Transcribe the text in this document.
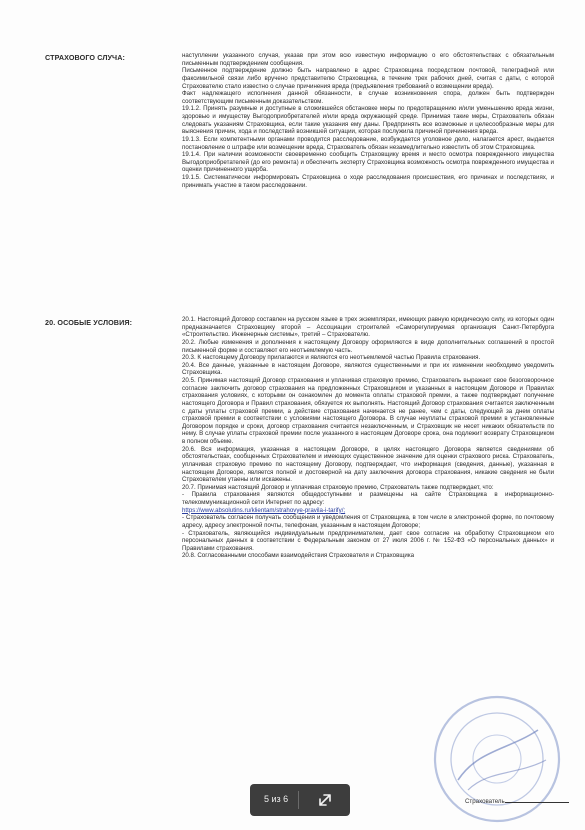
СТРАХОВОГО СЛУЧА:	наступлении указанного случая, указав при этом всю известную информацию о его обстоятельствах с обязательным письменным подтверждением сообщения.

Письменное подтверждение должно быть направлено в адрес Страховщика посредством почтовой, телеграфной или факсимильной связи либо вручено представителю Страховщика, в течение трех рабочих дней, считая с даты, с которой Страхователю стало известно о случае причинения вреда (предъявления требований о возмещении вреда).

Факт надлежащего исполнения данной обязанности, в случае возникновения спора, должен быть подтвержден соответствующим письменным доказательством.

19.1.2. Принять разумные и доступные в сложившейся обстановке меры по предотвращению и/или уменьшению вреда жизни, здоровью и имуществу Выгодоприобретателей и/или вреда окружающей среде. Принимая такие меры, Страхователь обязан следовать указаниям Страховщика, если такие указания ему даны. Предпринять все возможные и целесообразные меры для выяснения причин, хода и последствий возникшей ситуации, которая послужила причиной причинения вреда.

19.1.3. Если компетентными органами проводится расследование, возбуждается уголовное дело, налагается арест, выдается постановление о штрафе или возмещении вреда, Страхователь обязан незамедлительно известить об этом Страховщика.

19.1.4. При наличии возможности своевременно сообщить Страховщику время и место осмотра поврежденного имущества Выгодоприобретателей (до его ремонта) и обеспечить эксперту Страховщика возможность осмотра поврежденного имущества и оценки причиненного ущерба.

19.1.5. Систематически информировать Страховщика о ходе расследования происшествия, его причинах и последствиях, и принимать участие в таком расследовании.

20. ОСОБЫЕ УСЛОВИЯ:	20.1. Настоящий Договор составлен на русском языке в трех экземплярах, имеющих равную юридическую силу, из которых один предназначается Страховщику второй – Ассоциации строителей «Саморегулируемая организация Санкт-Петербурга «Строительство. Инженерные системы», третий – Страхователю.

20.2. Любые изменения и дополнения к настоящему Договору оформляются в виде дополнительных соглашений в простой письменной форме и составляют его неотъемлемую часть.

20.3. К настоящему Договору прилагаются и являются его неотъемлемой частью Правила страхования.

20.4. Все данные, указанные в настоящем Договоре, являются существенными и при их изменении необходимо уведомить Страховщика.

20.5. Принимая настоящий Договор страхования и уплачивая страховую премию, Страхователь выражает свое безоговорочное согласие заключить договор страхования на предложенных Страховщиком и указанных в настоящем Договоре и Правилах страхования условиях, с которыми он ознакомлен до момента оплаты страховой премии, а также подтверждает получение настоящего Договора и Правил страхования, обязуется их выполнять. Настоящий Договор страхования считается заключенным с даты уплаты страховой премии, а действие страхования начинается не ранее, чем с даты, следующей за днем оплаты страховой премии в соответствии с условиями настоящего Договора. В случае неуплаты страховой премии в установленные Договором порядке и сроки, договор страхования считается незаключенным, и Страховщик не несет никаких обязательств по нему. В случае уплаты страховой премии после указанного в настоящем Договоре срока, она подлежит возврату Страховщиком в полном объеме.

20.6. Вся информация, указанная в настоящем Договоре, в целях настоящего Договора является сведениями об обстоятельствах, сообщенных Страхователем и имеющих существенное значение для оценки страхового риска. Страхователь, уплачивая страховую премию по настоящему Договору, подтверждает, что информация (сведения, данные), указанная в настоящем Договоре, является полной и достоверной на дату заключения договора страхования, никакие сведения не были Страхователем утаены или искажены.

20.7. Принимая настоящий Договор и уплачивая страховую премию, Страхователь также подтверждает, что:

- Правила страхования являются общедоступными и размещены на сайте Страховщика в информационно-телекоммуникационной сети Интернет по адресу:

https://www.absolutins.ru/klientam/strahovye-pravila-i-tarify/;

- Страхователь согласен получать сообщения и уведомления от Страховщика, в том числе в электронной форме, по почтовому адресу, адресу электронной почты, телефонам, указанным в настоящем Договоре;

- Страхователь, являющийся индивидуальным предпринимателем, дает свое согласие на обработку Страховщиком его персональных данных в соответствии с Федеральным законом от 27 июля 2006 г. № 152-ФЗ «О персональных данных» и Правилами страхования.

20.8. Согласованными способами взаимодействия Страхователя и Страховщика

Страхователь
5 из 6
